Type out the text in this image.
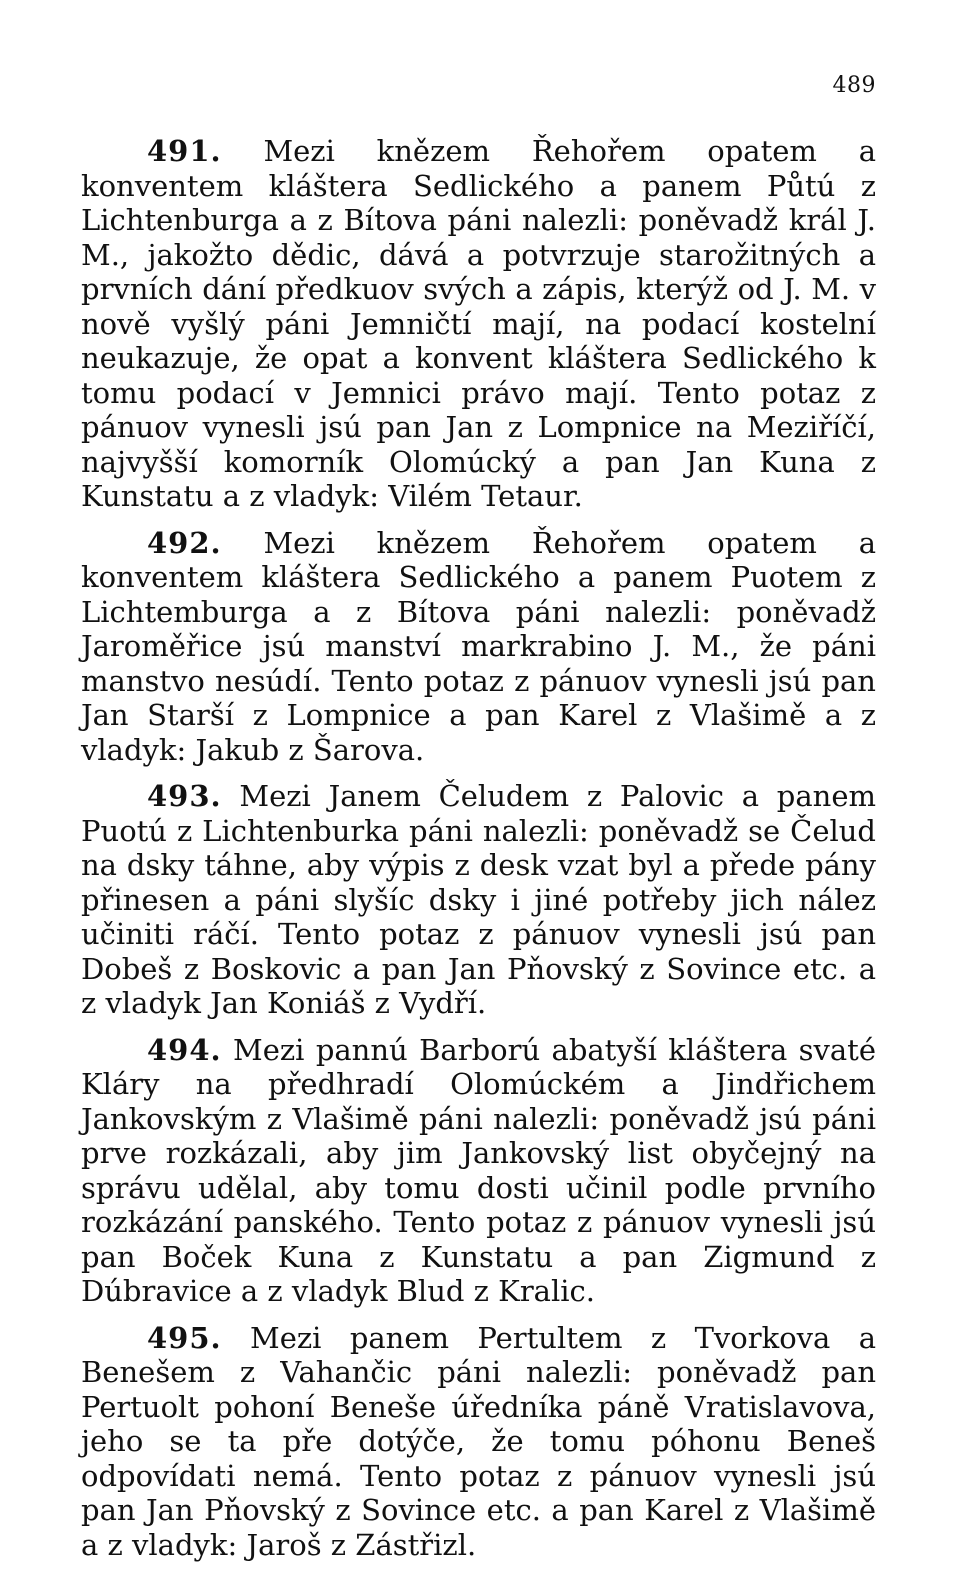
489

491. Mezi knězem Řehořem opatem a konventem kláštera Sedlického a panem Půtú z Lichtenburga a z Bítova páni nalezli: poněvadž král J. M., jakožto dědic, dává a potvrzuje starožitných a prvních dání předkuov svých a zápis, kterýž od J. M. v nově vyšlý páni Jemničtí mají, na podací kostelní neukazuje, že opat a konvent kláštera Sedlického k tomu podací v Jemnici právo mají. Tento potaz z pánuov vynesli jsú pan Jan z Lompnice na Meziříčí, najvyšší komorník Olomúcký a pan Jan Kuna z Kunstatu a z vladyk: Vilém Tetaur.

492. Mezi knězem Řehořem opatem a konventem kláštera Sedlického a panem Puotem z Lichtemburga a z Bítova páni nalezli: poněvadž Jaroměřice jsú manství markrabino J. M., že páni manstvo nesúdí. Tento potaz z pánuov vynesli jsú pan Jan Starší z Lompnice a pan Karel z Vlašimě a z vladyk: Jakub z Šarova.

493. Mezi Janem Čeludem z Palovic a panem Puotú z Lichtenburka páni nalezli: poněvadž se Čelud na dsky táhne, aby výpis z desk vzat byl a přede pány přinesen a páni slyšíc dsky i jiné potřeby jich nález učiniti ráčí. Tento potaz z pánuov vynesli jsú pan Dobeš z Boskovic a pan Jan Pňovský z Sovince etc. a z vladyk Jan Koniáš z Vydří.

494. Mezi pannú Barború abatyší kláštera svaté Kláry na předhradí Olomúckém a Jindřichem Jankovským z Vlašimě páni nalezli: poněvadž jsú páni prve rozkázali, aby jim Jankovský list obyčejný na správu udělal, aby tomu dosti učinil podle prvního rozkázání panského. Tento potaz z pánuov vynesli jsú pan Boček Kuna z Kunstatu a pan Zigmund z Dúbravice a z vladyk Blud z Kralic.

495. Mezi panem Pertultem z Tvorkova a Benešem z Vahančic páni nalezli: poněvadž pan Pertuolt pohoní Beneše úředníka páně Vratislavova, jeho se ta pře dotýče, že tomu póhonu Beneš odpovídati nemá. Tento potaz z pánuov vynesli jsú pan Jan Pňovský z Sovince etc. a pan Karel z Vlašimě a z vladyk: Jaroš z Zástřizl.
